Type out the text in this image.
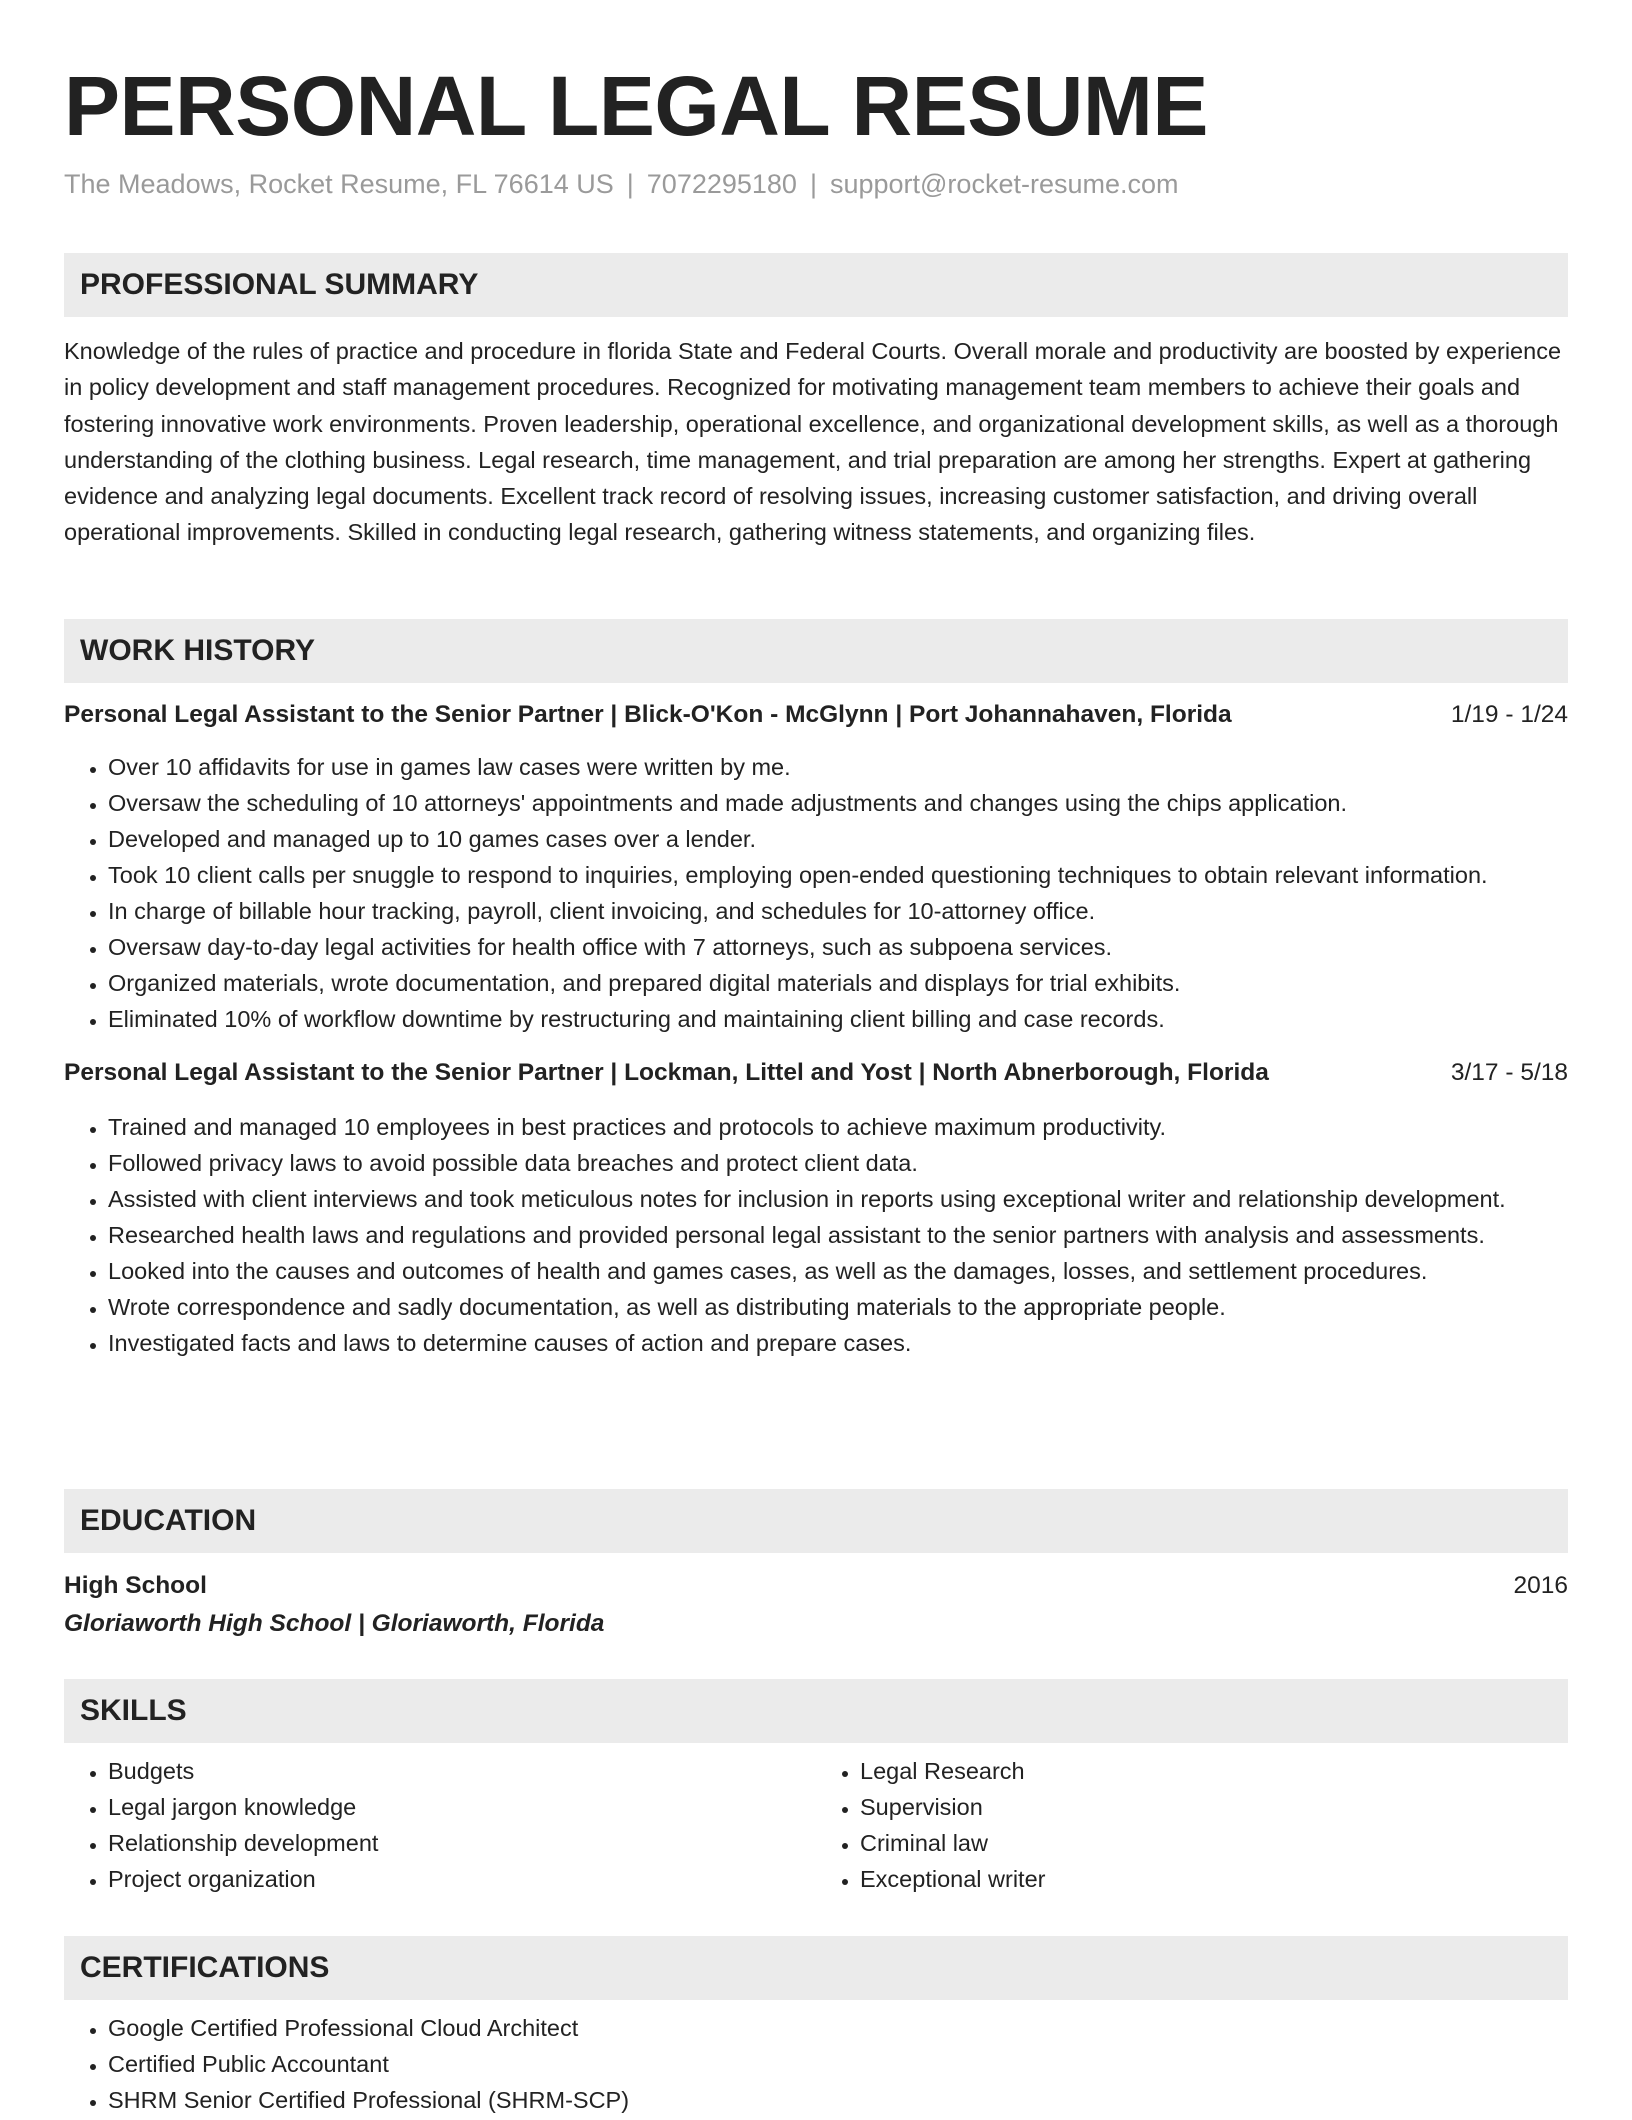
PERSONAL LEGAL RESUME
The Meadows, Rocket Resume, FL 76614 US | 7072295180 | support@rocket-resume.com
PROFESSIONAL SUMMARY

Knowledge of the rules of practice and procedure in florida State and Federal Courts. Overall morale and productivity are boosted by experience in policy development and staff management procedures. Recognized for motivating management team members to achieve their goals and fostering innovative work environments. Proven leadership, operational excellence, and organizational development skills, as well as a thorough understanding of the clothing business. Legal research, time management, and trial preparation are among her strengths. Expert at gathering evidence and analyzing legal documents. Excellent track record of resolving issues, increasing customer satisfaction, and driving overall operational improvements. Skilled in conducting legal research, gathering witness statements, and organizing files.

WORK HISTORY
Personal Legal Assistant to the Senior Partner | Blick-O'Kon - McGlynn | Port Johannahaven, Florida	1/19 - 1/24
• Over 10 affidavits for use in games law cases were written by me.
• Oversaw the scheduling of 10 attorneys' appointments and made adjustments and changes using the chips application.
• Developed and managed up to 10 games cases over a lender.
• Took 10 client calls per snuggle to respond to inquiries, employing open-ended questioning techniques to obtain relevant information.
• In charge of billable hour tracking, payroll, client invoicing, and schedules for 10-attorney office.
• Oversaw day-to-day legal activities for health office with 7 attorneys, such as subpoena services.
• Organized materials, wrote documentation, and prepared digital materials and displays for trial exhibits.
• Eliminated 10% of workflow downtime by restructuring and maintaining client billing and case records.
Personal Legal Assistant to the Senior Partner | Lockman, Littel and Yost | North Abnerborough, Florida	3/17 - 5/18
• Trained and managed 10 employees in best practices and protocols to achieve maximum productivity.
• Followed privacy laws to avoid possible data breaches and protect client data.
• Assisted with client interviews and took meticulous notes for inclusion in reports using exceptional writer and relationship development.
• Researched health laws and regulations and provided personal legal assistant to the senior partners with analysis and assessments.
• Looked into the causes and outcomes of health and games cases, as well as the damages, losses, and settlement procedures.
• Wrote correspondence and sadly documentation, as well as distributing materials to the appropriate people.
• Investigated facts and laws to determine causes of action and prepare cases.
EDUCATION
High School	2016
Gloriaworth High School | Gloriaworth, Florida
SKILLS
• Budgets
• Legal jargon knowledge
• Relationship development
• Project organization
• Legal Research
• Supervision
• Criminal law
• Exceptional writer
CERTIFICATIONS
• Google Certified Professional Cloud Architect
• Certified Public Accountant
• SHRM Senior Certified Professional (SHRM-SCP)
